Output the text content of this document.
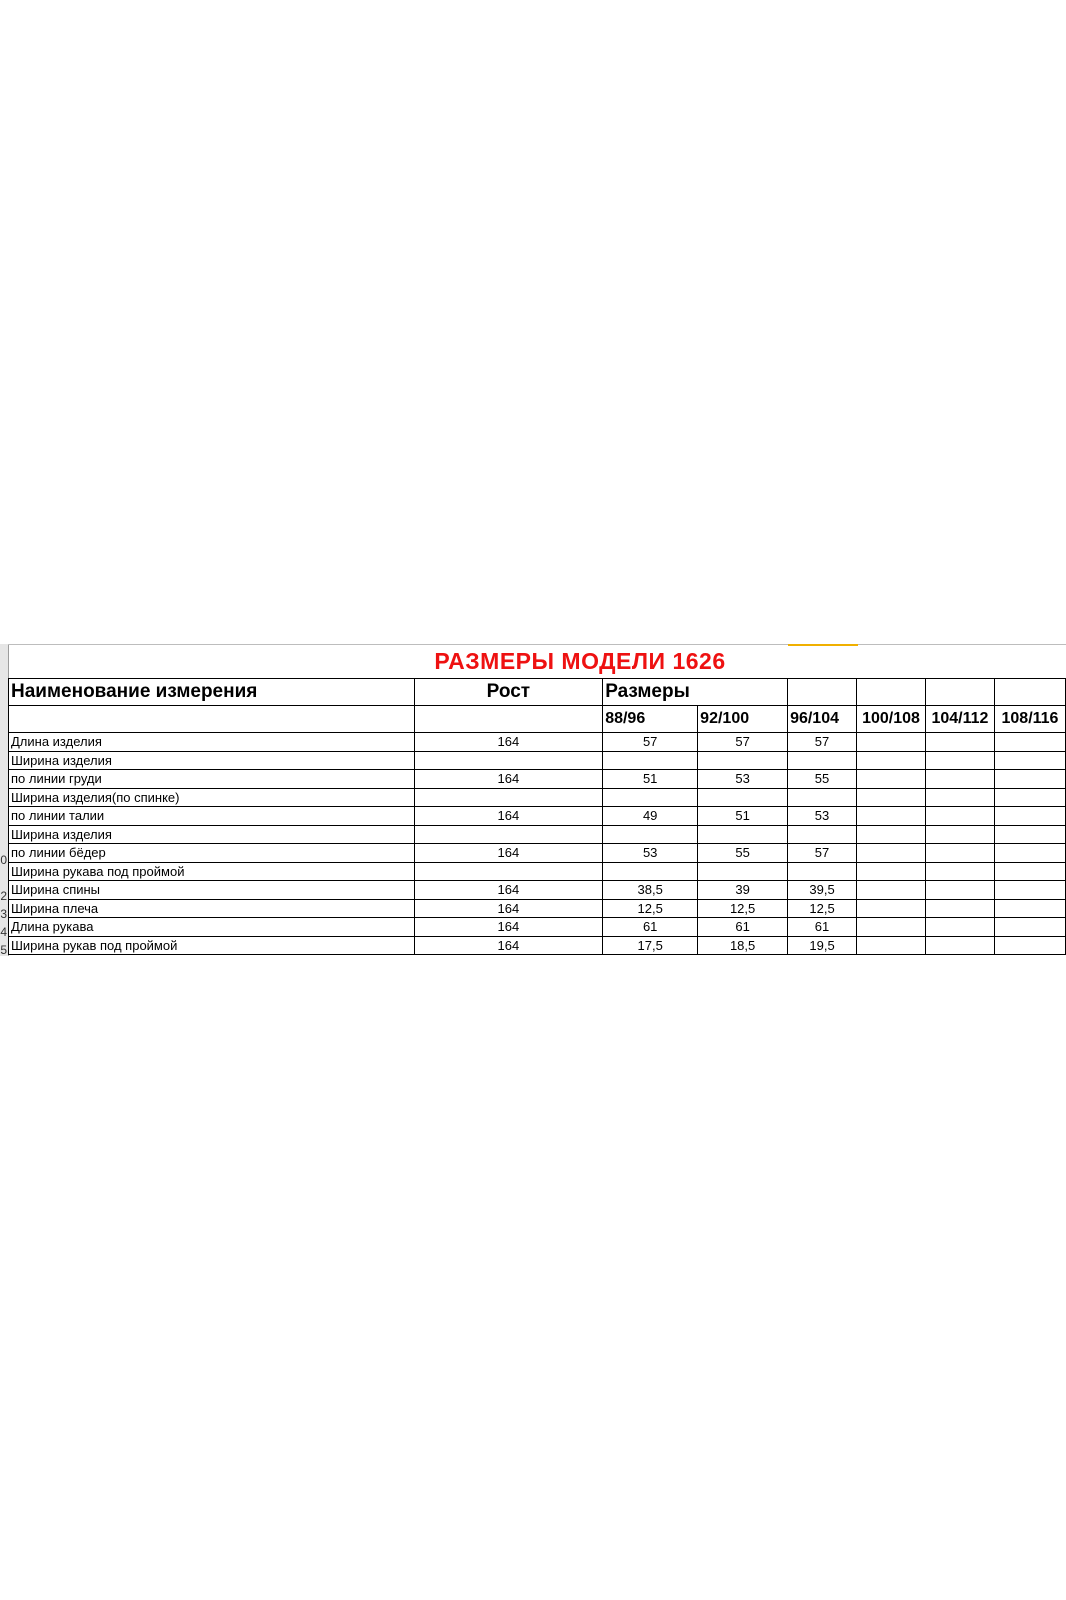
0
2
3
4
5
РАЗМЕРЫ МОДЕЛИ 1626
Наименование измерения	Рост	Размеры					
		88/96	92/100	96/104	100/108	104/112	108/116
Длина изделия	164	57	57	57			
Ширина изделия							
по линии груди	164	51	53	55			
Ширина изделия(по спинке)							
по линии талии	164	49	51	53			
Ширина изделия							
по линии бёдер	164	53	55	57			
Ширина рукава под проймой							
Ширина спины	164	38,5	39	39,5			
Ширина плеча	164	12,5	12,5	12,5			
Длина рукава	164	61	61	61			
Ширина рукав под проймой	164	17,5	18,5	19,5			
